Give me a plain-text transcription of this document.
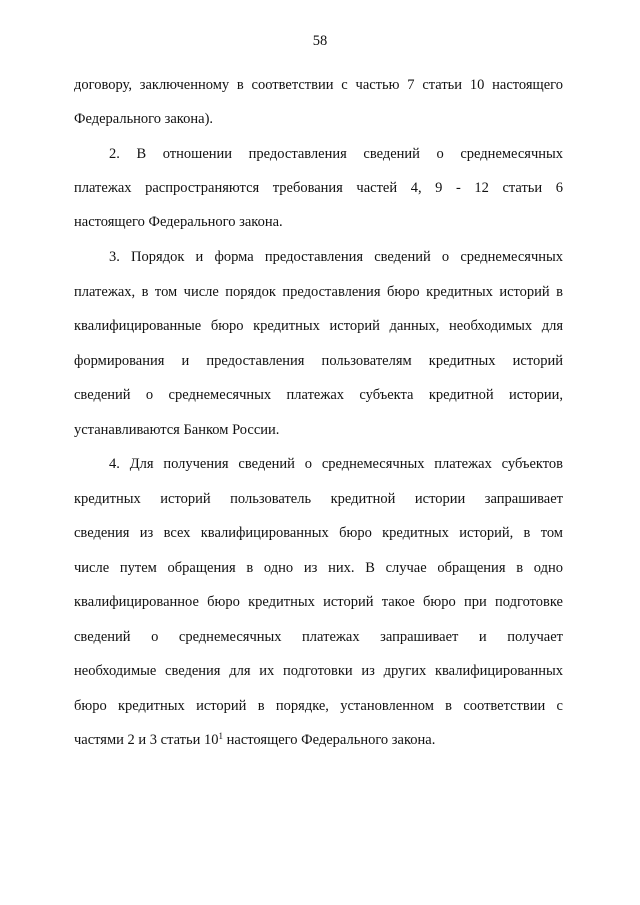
58
договору, заключенному в соответствии с частью 7 статьи 10 настоящего
Федерального закона).
2. В отношении предоставления сведений о среднемесячных
платежах распространяются требования частей 4, 9 - 12 статьи 6
настоящего Федерального закона.
3. Порядок и форма предоставления сведений о среднемесячных
платежах, в том числе порядок предоставления бюро кредитных историй в
квалифицированные бюро кредитных историй данных, необходимых для
формирования и предоставления пользователям кредитных историй
сведений о среднемесячных платежах субъекта кредитной истории,
устанавливаются Банком России.
4. Для получения сведений о среднемесячных платежах субъектов
кредитных историй пользователь кредитной истории запрашивает
сведения из всех квалифицированных бюро кредитных историй, в том
числе путем обращения в одно из них. В случае обращения в одно
квалифицированное бюро кредитных историй такое бюро при подготовке
сведений о среднемесячных платежах запрашивает и получает
необходимые сведения для их подготовки из других квалифицированных
бюро кредитных историй в порядке, установленном в соответствии с
частями 2 и 3 статьи $10^1$ настоящего Федерального закона.
